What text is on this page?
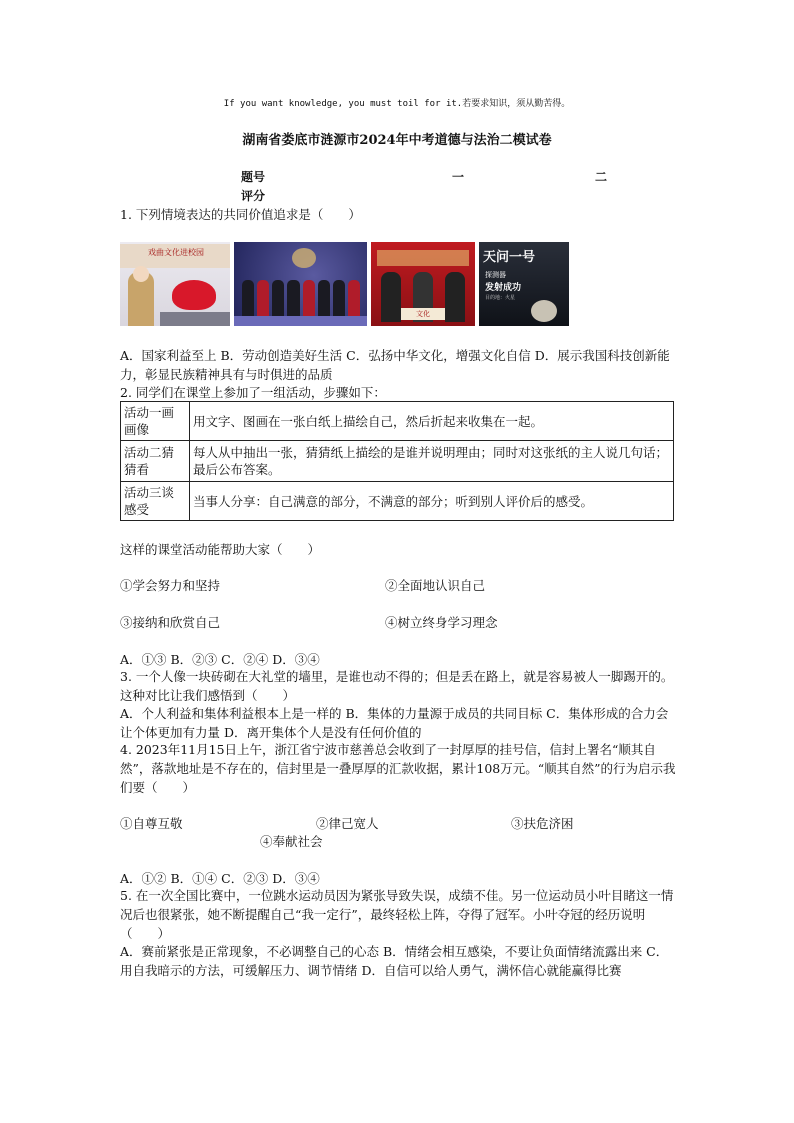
If you want knowledge, you must toil for it.若要求知识，须从勤苦得。
湖南省娄底市涟源市2024年中考道德与法治二模试卷
题号	一	二
评分
1. 下列情境表达的共同价值追求是（　　）
戏曲文化进校园
文化
天问一号
探测器
发射成功
目的地：火星
A．国家利益至上 B．劳动创造美好生活 C．弘扬中华文化，增强文化自信 D．展示我国科技创新能力，彰显民族精神具有与时俱进的品质
2. 同学们在课堂上参加了一组活动，步骤如下：
活动一画画像	用文字、图画在一张白纸上描绘自己，然后折起来收集在一起。
活动二猜猜看	每人从中抽出一张，猜猜纸上描绘的是谁并说明理由；同时对这张纸的主人说几句话；最后公布答案。
活动三谈感受	当事人分享：自己满意的部分，不满意的部分；听到别人评价后的感受。
这样的课堂活动能帮助大家（　　）
①学会努力和坚持	②全面地认识自己
③接纳和欣赏自己	④树立终身学习理念
A．①③ B．②③ C．②④ D．③④
3. 一个人像一块砖砌在大礼堂的墙里，是谁也动不得的；但是丢在路上，就是容易被人一脚踢开的。这种对比让我们感悟到（　　）
A．个人利益和集体利益根本上是一样的 B．集体的力量源于成员的共同目标 C．集体形成的合力会让个体更加有力量 D．离开集体个人是没有任何价值的
4. 2023年11月15日上午，浙江省宁波市慈善总会收到了一封厚厚的挂号信，信封上署名“顺其自然”，落款地址是不存在的，信封里是一叠厚厚的汇款收据，累计108万元。“顺其自然”的行为启示我们要（　　）
①自尊互敬	②律己宽人	③扶危济困
④奉献社会
A．①② B．①④ C．②③ D．③④
5. 在一次全国比赛中，一位跳水运动员因为紧张导致失误，成绩不佳。另一位运动员小叶目睹这一情况后也很紧张，她不断提醒自己“我一定行”，最终轻松上阵，夺得了冠军。小叶夺冠的经历说明（　　）
A．赛前紧张是正常现象，不必调整自己的心态 B．情绪会相互感染，不要让负面情绪流露出来 C．用自我暗示的方法，可缓解压力、调节情绪 D．自信可以给人勇气，满怀信心就能赢得比赛
